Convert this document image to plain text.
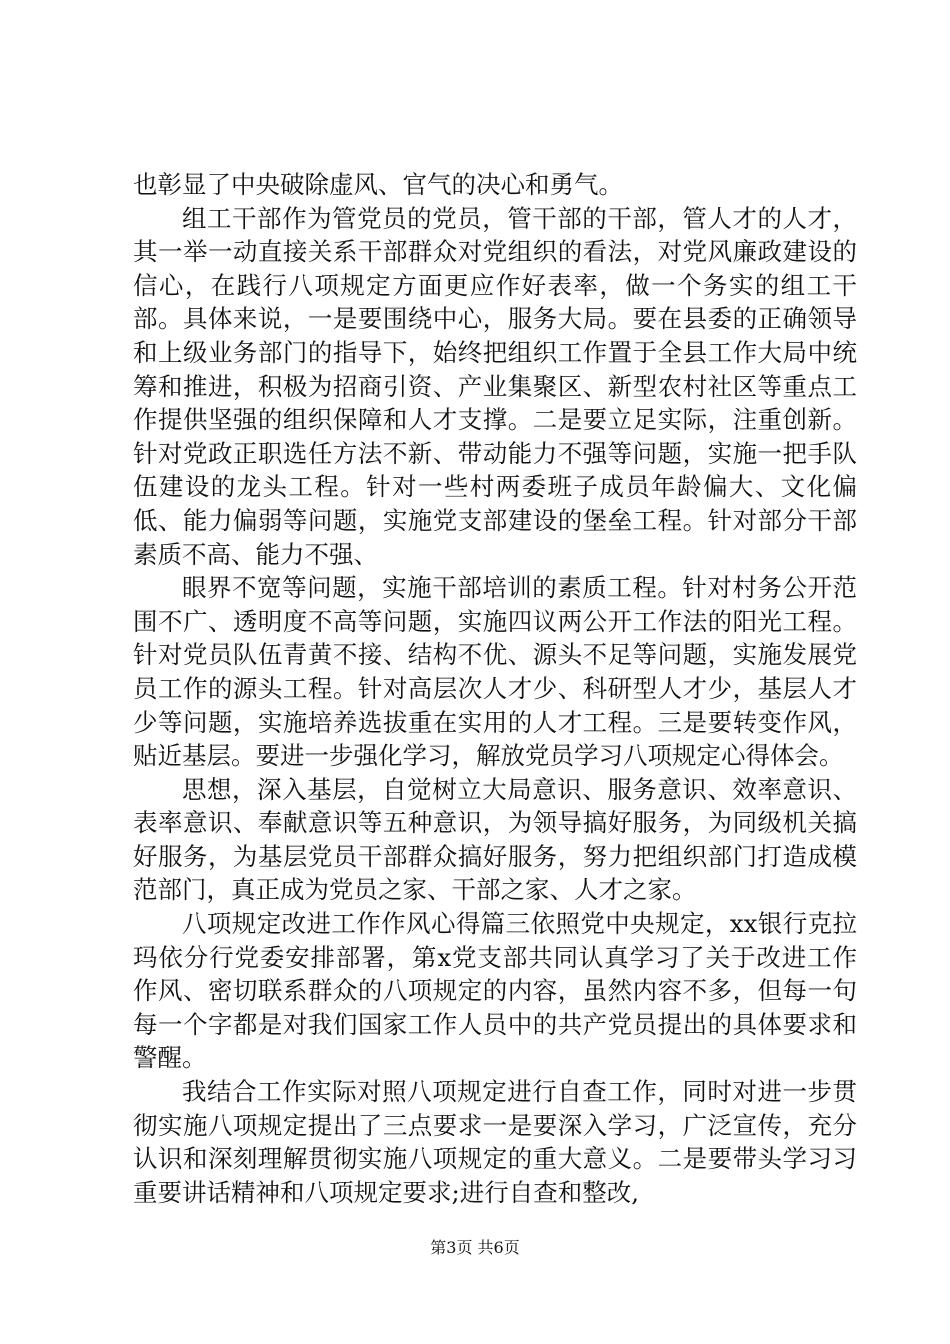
也彰显了中央破除虚风、官气的决心和勇气。

组工干部作为管党员的党员，管干部的干部，管人才的人才，其一举一动直接关系干部群众对党组织的看法，对党风廉政建设的信心，在践行八项规定方面更应作好表率，做一个务实的组工干部。具体来说，一是要围绕中心，服务大局。要在县委的正确领导和上级业务部门的指导下，始终把组织工作置于全县工作大局中统筹和推进，积极为招商引资、产业集聚区、新型农村社区等重点工作提供坚强的组织保障和人才支撑。二是要立足实际，注重创新。针对党政正职选任方法不新、带动能力不强等问题，实施一把手队伍建设的龙头工程。针对一些村两委班子成员年龄偏大、文化偏低、能力偏弱等问题，实施党支部建设的堡垒工程。针对部分干部素质不高、能力不强、

眼界不宽等问题，实施干部培训的素质工程。针对村务公开范围不广、透明度不高等问题，实施四议两公开工作法的阳光工程。针对党员队伍青黄不接、结构不优、源头不足等问题，实施发展党员工作的源头工程。针对高层次人才少、科研型人才少，基层人才少等问题，实施培养选拔重在实用的人才工程。三是要转变作风，贴近基层。要进一步强化学习，解放党员学习八项规定心得体会。

思想，深入基层，自觉树立大局意识、服务意识、效率意识、表率意识、奉献意识等五种意识，为领导搞好服务，为同级机关搞好服务，为基层党员干部群众搞好服务，努力把组织部门打造成模范部门，真正成为党员之家、干部之家、人才之家。

八项规定改进工作作风心得篇三依照党中央规定，xx银行克拉玛依分行党委安排部署，第x党支部共同认真学习了关于改进工作作风、密切联系群众的八项规定的内容，虽然内容不多，但每一句每一个字都是对我们国家工作人员中的共产党员提出的具体要求和警醒。

我结合工作实际对照八项规定进行自查工作，同时对进一步贯彻实施八项规定提出了三点要求一是要深入学习，广泛宣传，充分认识和深刻理解贯彻实施八项规定的重大意义。二是要带头学习习重要讲话精神和八项规定要求;进行自查和整改,

第3页 共6页
